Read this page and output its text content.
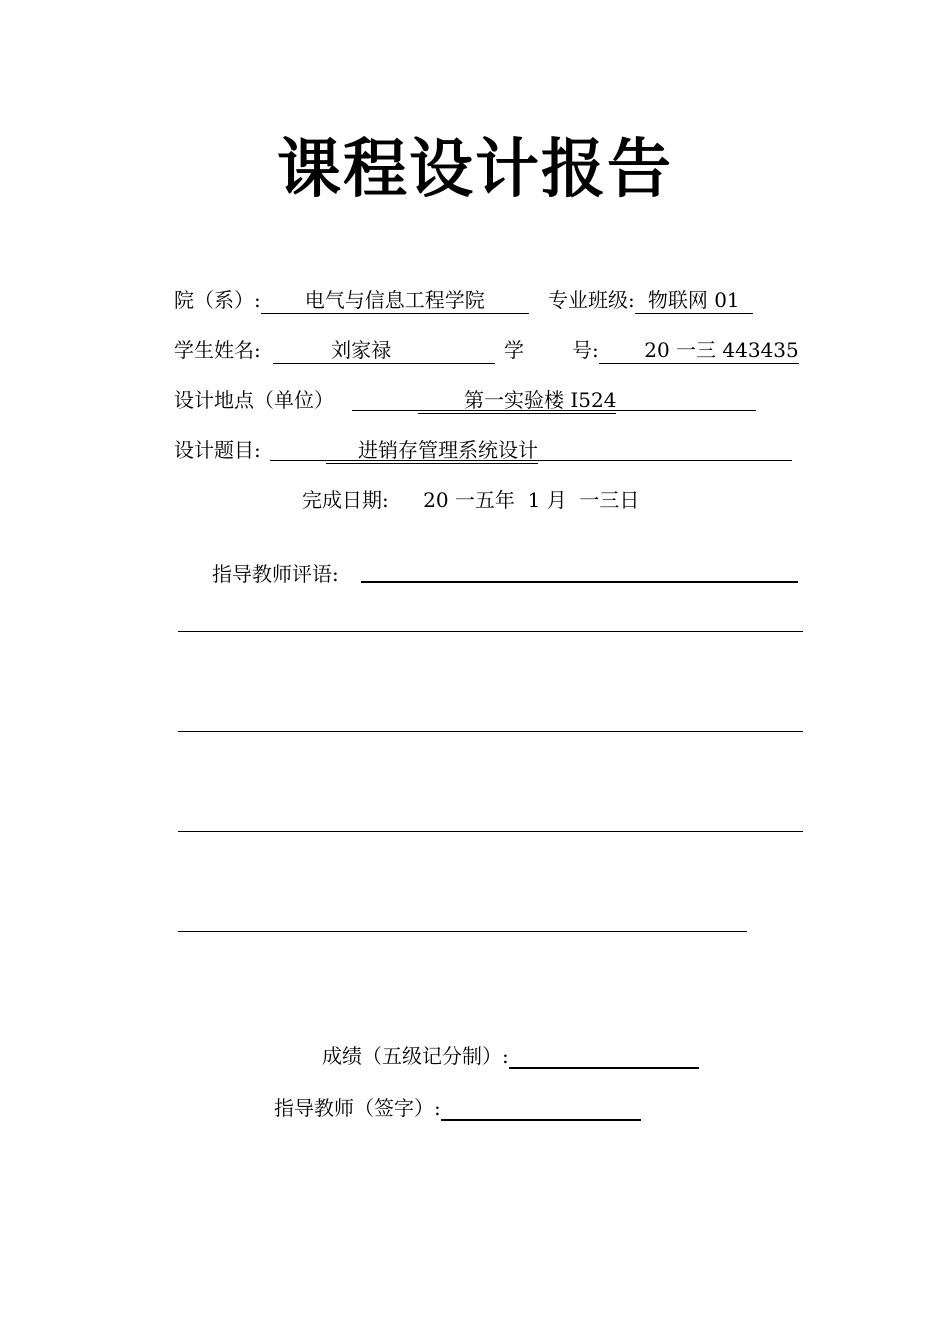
课程设计报告
院（系）: 电气与信息工程学院	专业班级: 物联网 01
学生姓名:	刘家禄	学 号: 20 一三 443435
设计地点（单位）	第一实验楼 I524
设计题目:	进销存管理系统设计
完成日期: 20 一五年  1 月  一三日
指导教师评语:
成绩（五级记分制）:
指导教师（签字）:
